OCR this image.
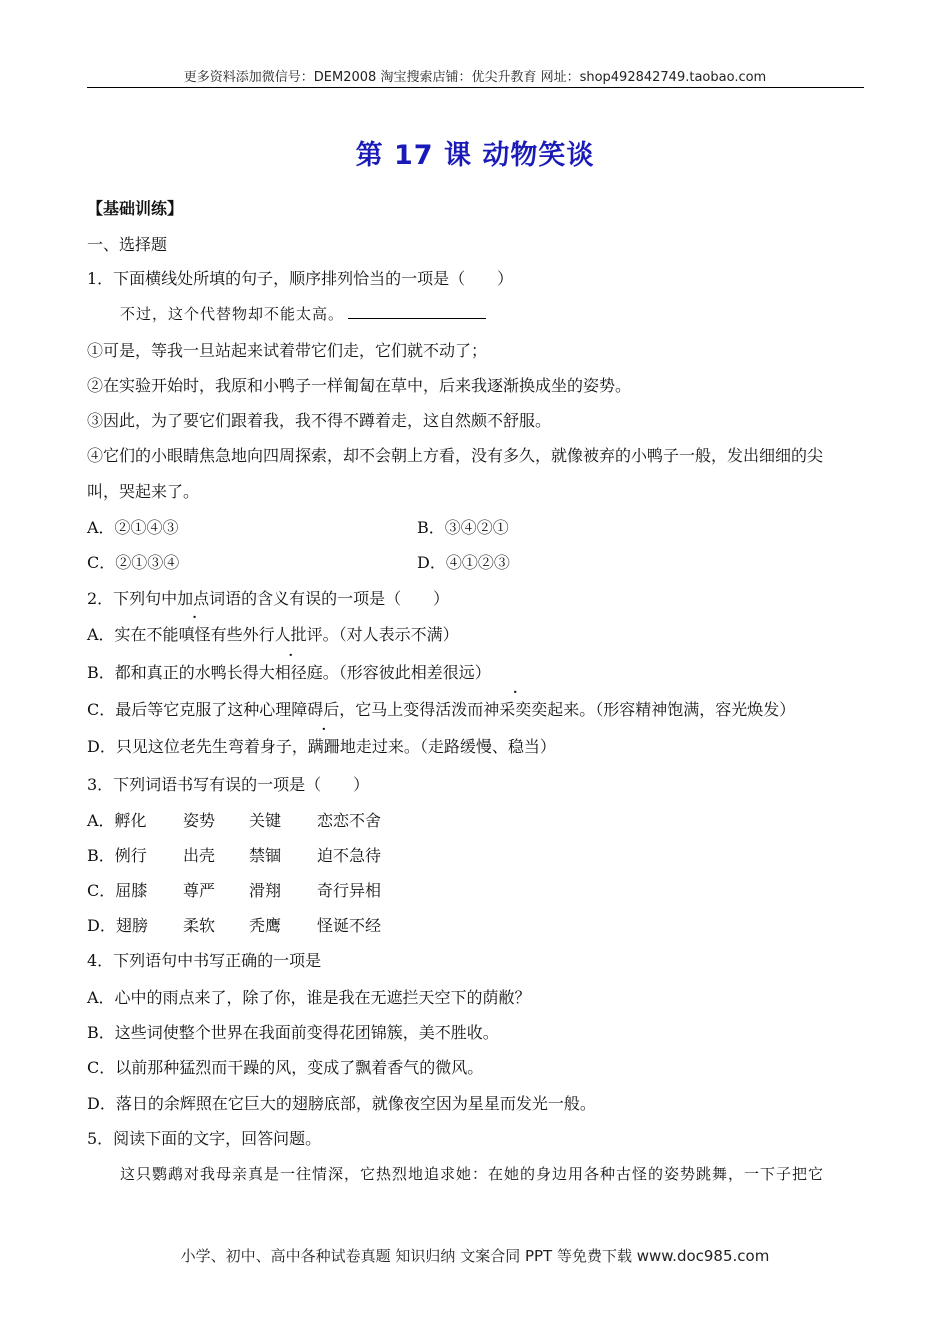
更多资料添加微信号：DEM2008 淘宝搜索店铺：优尖升教育 网址：shop492842749.taobao.com
第 17 课 动物笑谈
【基础训练】
一、选择题
1．下面横线处所填的句子，顺序排列恰当的一项是（　　）
不过，这个代替物却不能太高。
①可是，等我一旦站起来试着带它们走，它们就不动了；
②在实验开始时，我原和小鸭子一样匍匐在草中，后来我逐渐换成坐的姿势。
③因此，为了要它们跟着我，我不得不蹲着走，这自然颇不舒服。
④它们的小眼睛焦急地向四周探索，却不会朝上方看，没有多久，就像被弃的小鸭子一般，发出细细的尖
叫，哭起来了。
A．②①④③	B．③④②①
C．②①③④	D．④①②③
2．下列句中加点词语的含义有误的一项是（　　）
A．实在不能嗔怪有些外行人批评。（对人表示不满）
B．都和真正的水鸭长得大相径庭。（形容彼此相差很远）
C．最后等它克服了这种心理障碍后，它马上变得活泼而神采奕奕起来。（形容精神饱满，容光焕发）
D．只见这位老先生弯着身子，蹒跚地走过来。（走路缓慢、稳当）
3．下列词语书写有误的一项是（　　）
A．孵化 姿势 关键 恋恋不舍
B．例行 出壳 禁锢 迫不急待
C．屈膝 尊严 滑翔 奇行异相
D．翅膀 柔软 秃鹰 怪诞不经
4．下列语句中书写正确的一项是
A．心中的雨点来了，除了你，谁是我在无遮拦天空下的荫敝？
B．这些词使整个世界在我面前变得花团锦簇，美不胜收。
C．以前那种猛烈而干躁的风，变成了飘着香气的微风。
D．落日的余辉照在它巨大的翅膀底部，就像夜空因为星星而发光一般。
5．阅读下面的文字，回答问题。
这只鹦鹉对我母亲真是一往情深，它热烈地追求她：在她的身边用各种古怪的姿势跳舞，一下子把它
小学、初中、高中各种试卷真题 知识归纳 文案合同 PPT 等免费下载 www.doc985.com
